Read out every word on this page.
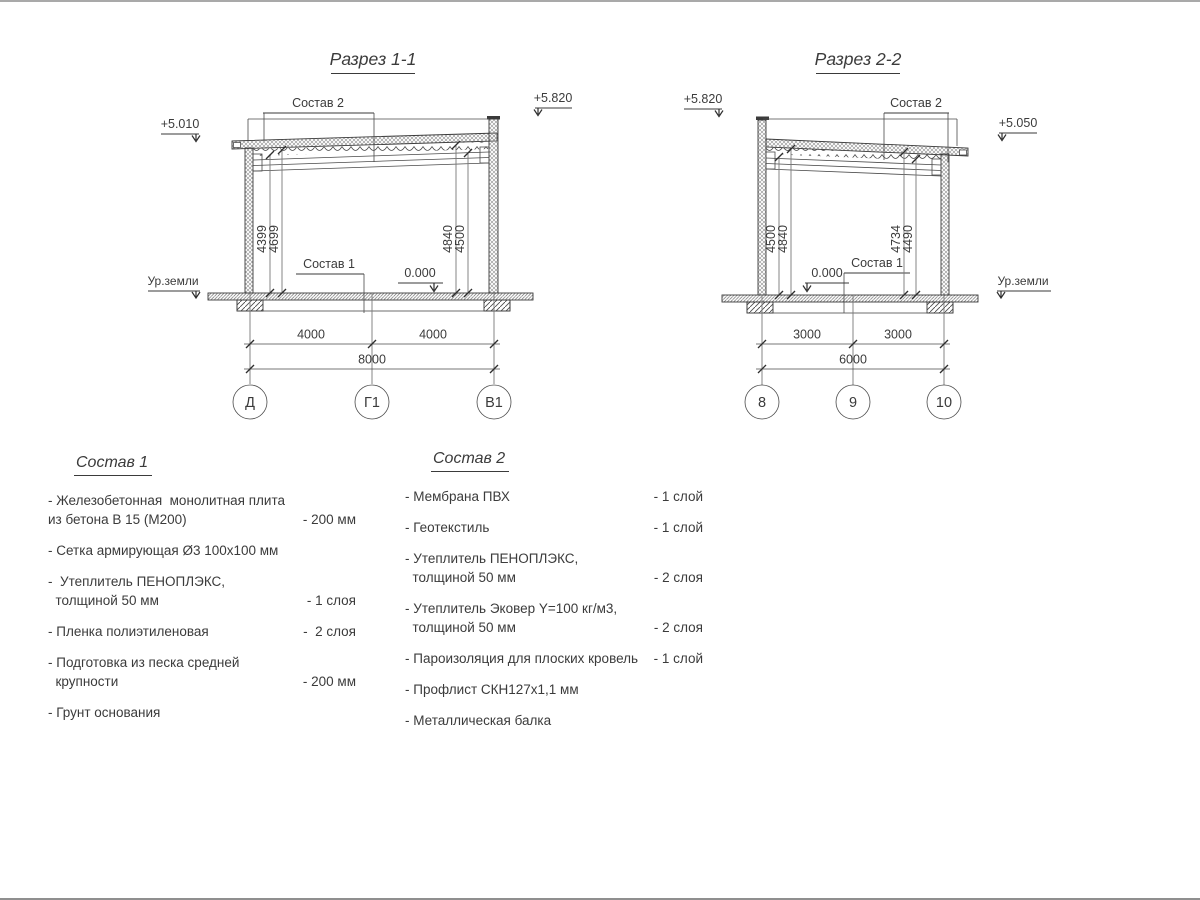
Разрез 1-1
Состав 2
Состав 1
0.000
Ур.земли
+5.010
+5.820
4399
4699	4840
4500
4000	4000
8000
Д	Г1	В1
Разрез 2-2
Состав 2
Состав 1
0.000
Ур.земли
+5.820
+5.050
4500
4840	4734
4490
3000	3000
6000
8	9	10
Состав 1
- Железобетонная  монолитная плита
из бетона В 15 (М200)	- 200 мм
- Сетка армирующая Ø3 100х100 мм
-  Утеплитель ПЕНОПЛЭКС,
толщиной 50 мм	- 1 слоя
- Пленка полиэтиленовая	-  2 слоя
- Подготовка из песка средней
крупности	- 200 мм
- Грунт основания
Состав 2
- Мембрана ПВХ	- 1 слой
- Геотекстиль	- 1 слой
- Утеплитель ПЕНОПЛЭКС,
толщиной 50 мм	- 2 слоя
- Утеплитель Эковер Y=100 кг/м3,
толщиной 50 мм	- 2 слоя
- Пароизоляция для плоских кровель - 1 слой
- Профлист СКН127х1,1 мм
- Металлическая балка
